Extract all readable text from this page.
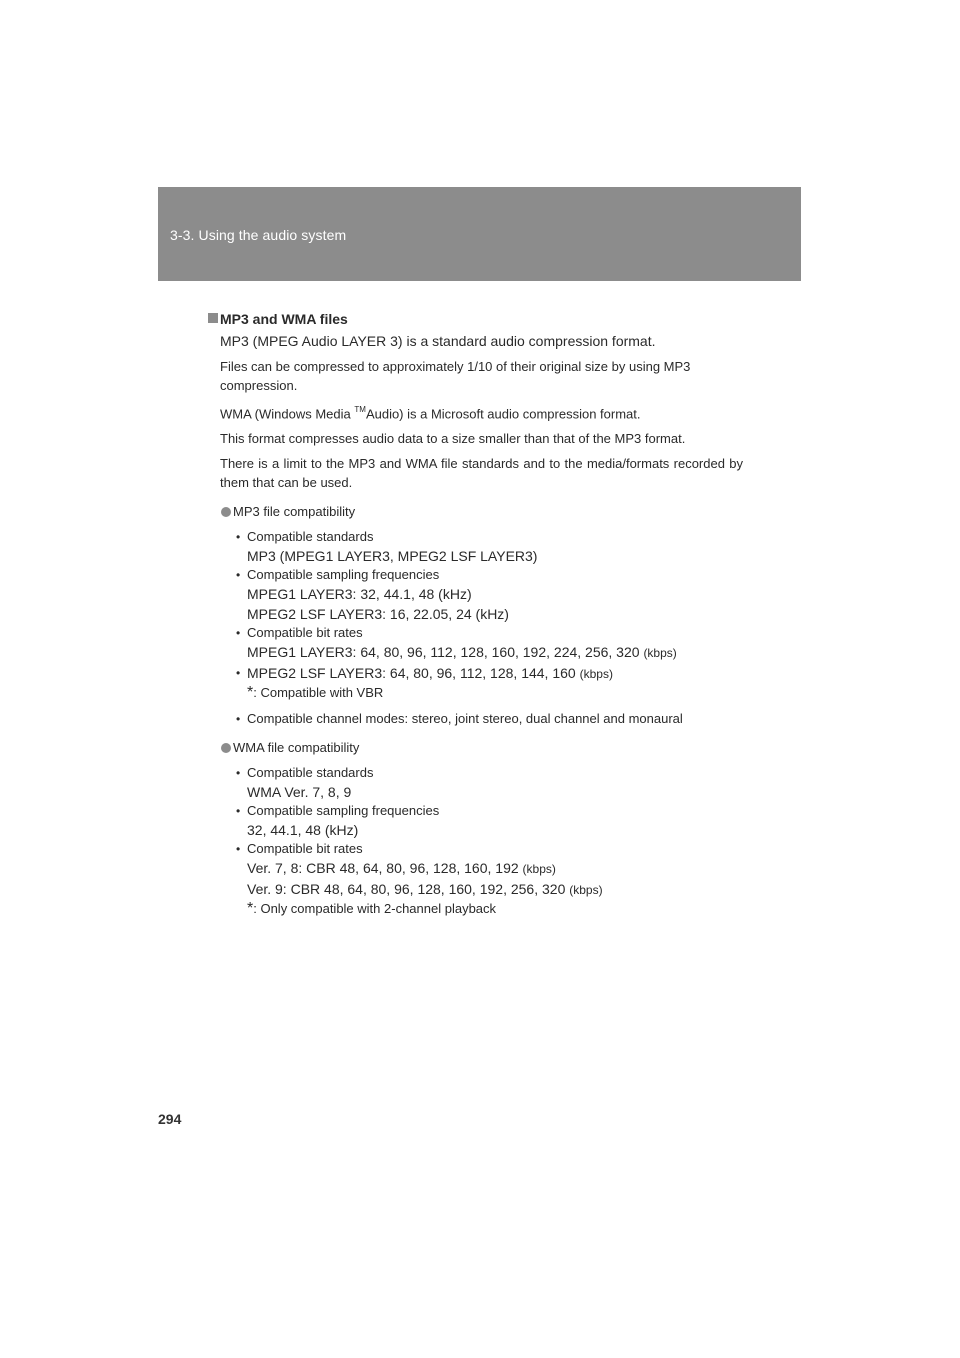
3-3. Using the audio system
MP3 and WMA files
MP3 (MPEG Audio LAYER 3) is a standard audio compression format.
Files can be compressed to approximately 1/10 of their original size by using MP3 compression.
WMA (Windows Media ™Audio) is a Microsoft audio compression format.
This format compresses audio data to a size smaller than that of the MP3 format.
There is a limit to the MP3 and WMA file standards and to the media/formats recorded by them that can be used.
MP3 file compatibility
• Compatible standards
MP3 (MPEG1 LAYER3, MPEG2 LSF LAYER3)
• Compatible sampling frequencies
MPEG1 LAYER3: 32, 44.1, 48 (kHz)
MPEG2 LSF LAYER3: 16, 22.05, 24 (kHz)
• Compatible bit rates
MPEG1 LAYER3: 64, 80, 96, 112, 128, 160, 192, 224, 256, 320 (kbps)
• MPEG2 LSF LAYER3: 64, 80, 96, 112, 128, 144, 160 (kbps)
*: Compatible with VBR
• Compatible channel modes: stereo, joint stereo, dual channel and monaural
WMA file compatibility
• Compatible standards
WMA Ver. 7, 8, 9
• Compatible sampling frequencies
32, 44.1, 48 (kHz)
• Compatible bit rates
Ver. 7, 8: CBR 48, 64, 80, 96, 128, 160, 192 (kbps)
Ver. 9: CBR 48, 64, 80, 96, 128, 160, 192, 256, 320 (kbps)
*: Only compatible with 2-channel playback
294
